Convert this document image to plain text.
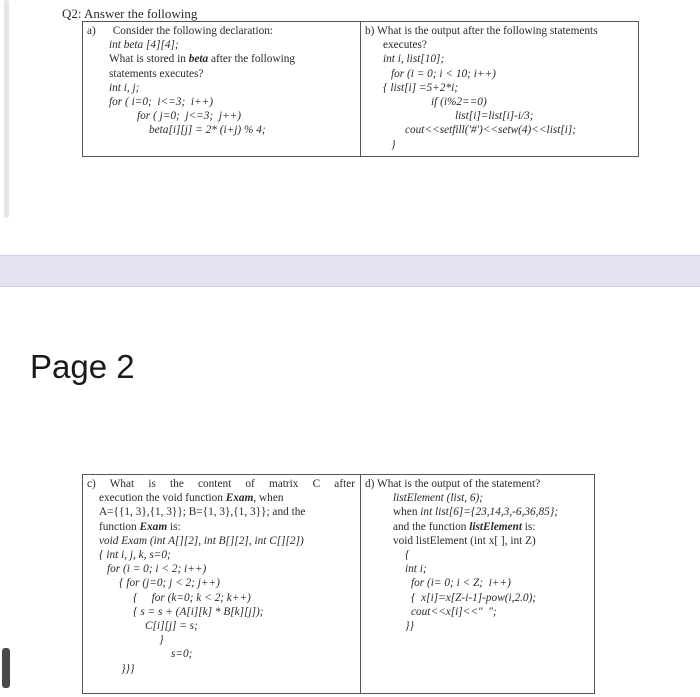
Q2: Answer the following
a) Consider the following declaration:
int beta [4][4];
What is stored in beta after the following
statements executes?
int i, j;
for ( i=0;  i<=3;  i++)
for ( j=0;  j<=3;  j++)
beta[i][j] = 2* (i+j) % 4;

b) What is the output after the following statements
executes?
int i, list[10];
for (i = 0; i < 10; i++)
{ list[i] =5+2*i;
if (i%2==0)
list[i]=list[i]-i/3;
cout<<setfill('#')<<setw(4)<<list[i];
}
Page 2
c) What is the content of matrix C after
execution the void function Exam, when
A={{1, 3},{1, 3}}; B={1, 3},{1, 3}}; and the
function Exam is:
void Exam (int A[][2], int B[][2], int C[][2])
{ int i, j, k, s=0;
for (i = 0; i < 2; i++)
{ for (j=0; j < 2; j++)
{     for (k=0; k < 2; k++)
{ s = s + (A[i][k] * B[k][j]);
C[i][j] = s;
}
s=0;
}}}

d) What is the output of the statement?
listElement (list, 6);
when int list[6]={23,14,3,-6,36,85};
and the function listElement is:
void listElement (int x[ ], int Z)
{
int i;
for (i= 0; i < Z;  i++)
{  x[i]=x[Z-i-1]-pow(i,2.0);
cout<<x[i]<<"  ";
}}
